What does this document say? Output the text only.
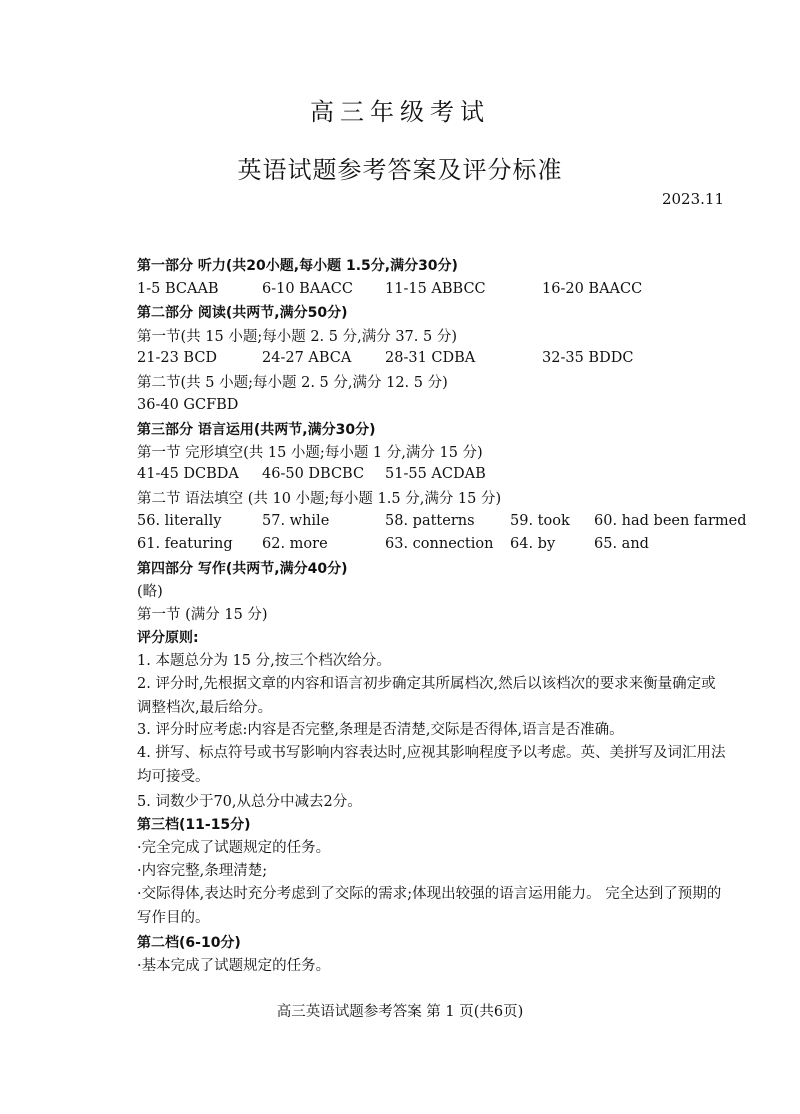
高三年级考试
英语试题参考答案及评分标准
2023.11
第一部分 听力(共20小题,每小题 1.5分,满分30分)
1-5 BCAAB	6-10 BAACC 11-15 ABBCC	16-20 BAACC
第二部分 阅读(共两节,满分50分)
第一节(共 15 小题;每小题 2. 5 分,满分 37. 5 分)
21-23 BCD	24-27 ABCA 28-31 CDBA	32-35 BDDC
第二节(共 5 小题;每小题 2. 5 分,满分 12. 5 分)
36-40 GCFBD
第三部分 语言运用(共两节,满分30分)
第一节 完形填空(共 15 小题;每小题 1 分,满分 15 分)
41-45 DCBDA 46-50 DBCBC 51-55 ACDAB
第二节 语法填空 (共 10 小题;每小题 1.5 分,满分 15 分)
56. literally	57. while	58. patterns 59. took 60. had been farmed
61. featuring 62. more	63. connection 64. by	65. and
第四部分 写作(共两节,满分40分)
(略)
第一节 (满分 15 分)
评分原则:
1. 本题总分为 15 分,按三个档次给分。
2. 评分时,先根据文章的内容和语言初步确定其所属档次,然后以该档次的要求来衡量确定或调整档次,最后给分。
3. 评分时应考虑:内容是否完整,条理是否清楚,交际是否得体,语言是否准确。
4. 拼写、标点符号或书写影响内容表达时,应视其影响程度予以考虑。英、美拼写及词汇用法均可接受。
5. 词数少于70,从总分中减去2分。
第三档(11-15分)
·完全完成了试题规定的任务。
·内容完整,条理清楚;
·交际得体,表达时充分考虑到了交际的需求;体现出较强的语言运用能力。 完全达到了预期的写作目的。
第二档(6-10分)
·基本完成了试题规定的任务。
高三英语试题参考答案 第 1 页(共6页)
